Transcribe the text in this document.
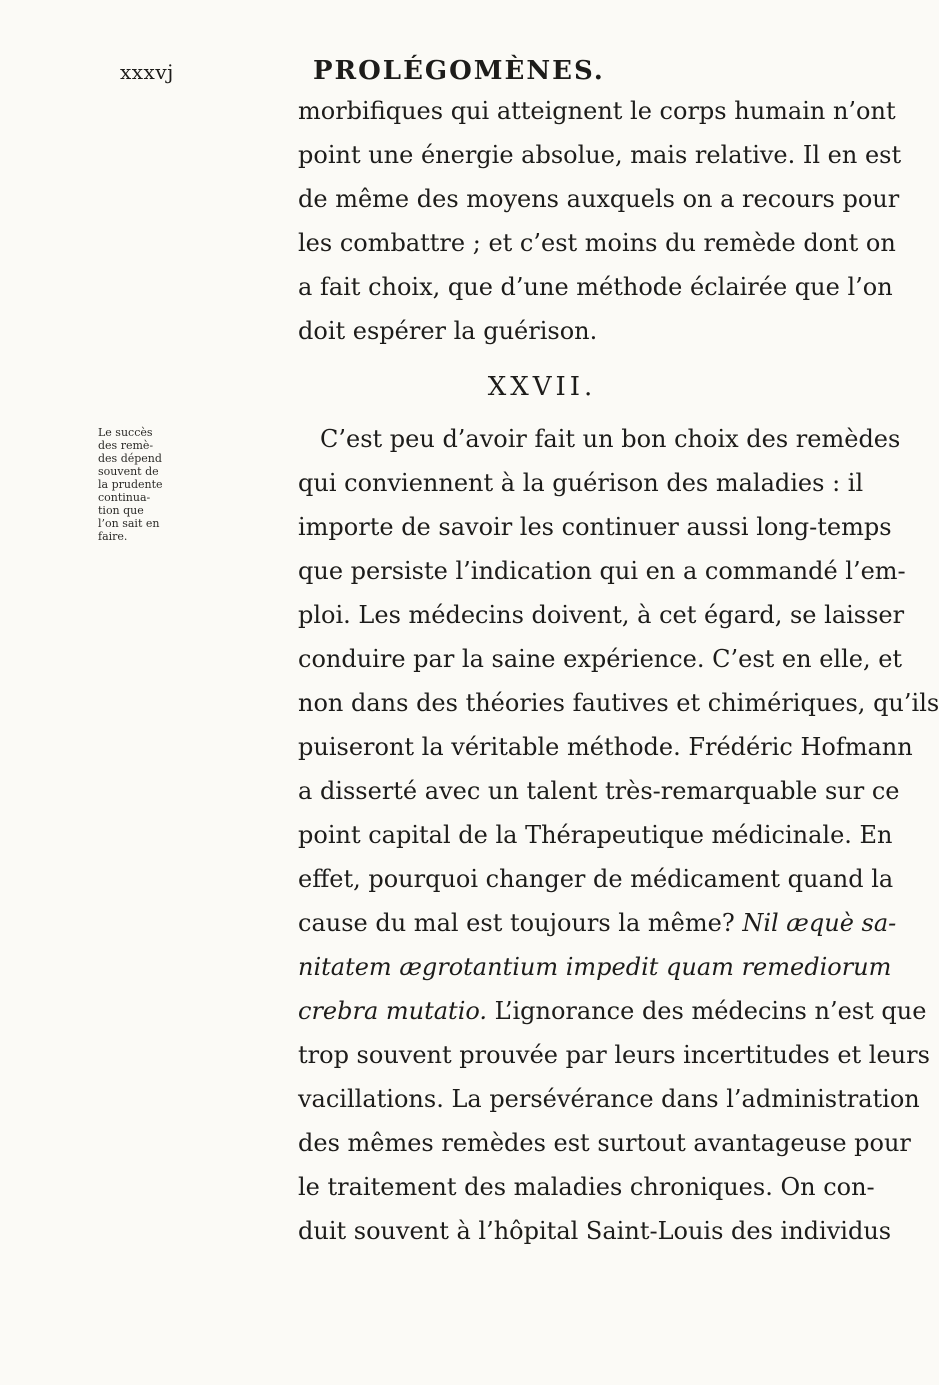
xxxvj	PROLÉGOMÈNES.
morbifiques qui atteignent le corps humain n’ont
point une énergie absolue, mais relative. Il en est
de même des moyens auxquels on a recours pour
les combattre ; et c’est moins du remède dont on
a fait choix, que d’une méthode éclairée que l’on
doit espérer la guérison.
XXVII.
Le succès
des remè-
des dépend
souvent de
la prudente
continua-
tion que
l’on sait en
faire.
C’est peu d’avoir fait un bon choix des remèdes
qui conviennent à la guérison des maladies : il
importe de savoir les continuer aussi long-temps
que persiste l’indication qui en a commandé l’em-
ploi. Les médecins doivent, à cet égard, se laisser
conduire par la saine expérience. C’est en elle, et
non dans des théories fautives et chimériques, qu’ils
puiseront la véritable méthode. Frédéric Hofmann
a disserté avec un talent très-remarquable sur ce
point capital de la Thérapeutique médicinale. En
effet, pourquoi changer de médicament quand la
cause du mal est toujours la même? Nil æquè sa-
nitatem ægrotantium impedit quam remediorum
crebra mutatio. L’ignorance des médecins n’est que
trop souvent prouvée par leurs incertitudes et leurs
vacillations. La persévérance dans l’administration
des mêmes remèdes est surtout avantageuse pour
le traitement des maladies chroniques. On con-
duit souvent à l’hôpital Saint-Louis des individus
